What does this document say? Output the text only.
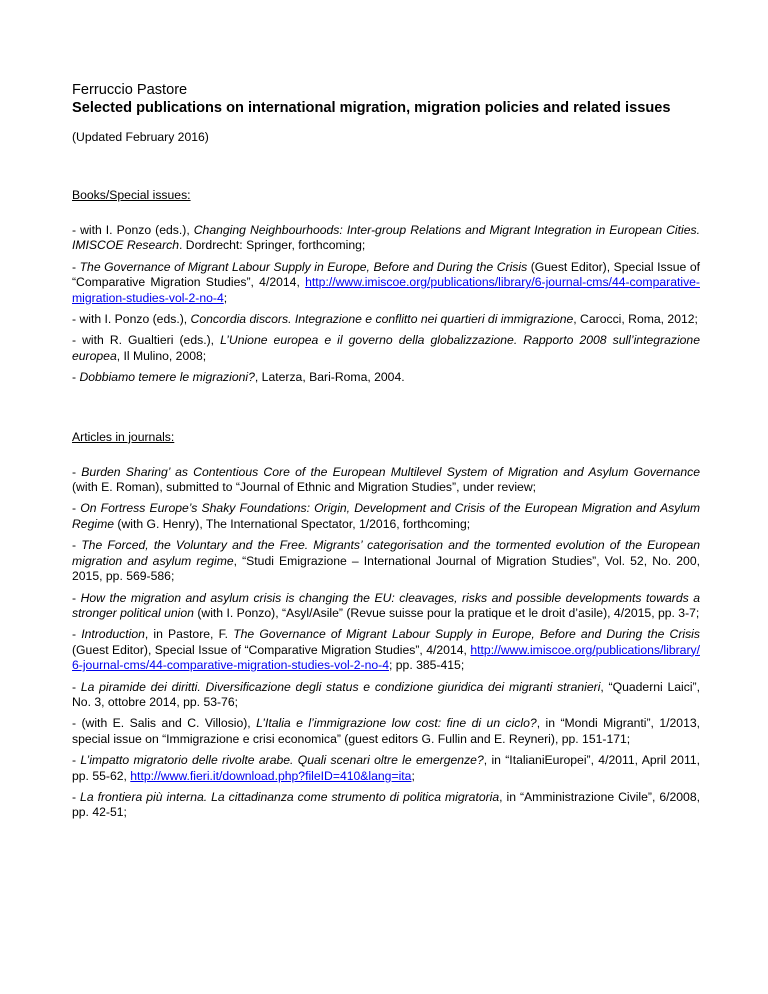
Ferruccio Pastore
Selected publications on international migration, migration policies and related issues
(Updated February 2016)
Books/Special issues:

- with I. Ponzo (eds.), Changing Neighbourhoods: Inter-group Relations and Migrant Integration in European Cities. IMISCOE Research. Dordrecht: Springer, forthcoming;

- The Governance of Migrant Labour Supply in Europe, Before and During the Crisis (Guest Editor), Special Issue of “Comparative Migration Studies”, 4/2014, http://www.imiscoe.org/publications/library/6-journal-cms/44-comparative-migration-studies-vol-2-no-4;

- with I. Ponzo (eds.), Concordia discors. Integrazione e conflitto nei quartieri di immigrazione, Carocci, Roma, 2012;

- with R. Gualtieri (eds.), L’Unione europea e il governo della globalizzazione. Rapporto 2008 sull’integrazione europea, Il Mulino, 2008;

- Dobbiamo temere le migrazioni?, Laterza, Bari-Roma, 2004.

Articles in journals:

- Burden Sharing’ as Contentious Core of the European Multilevel System of Migration and Asylum Governance (with E. Roman), submitted to “Journal of Ethnic and Migration Studies”, under review;

- On Fortress Europe’s Shaky Foundations: Origin, Development and Crisis of the European Migration and Asylum Regime (with G. Henry), The International Spectator, 1/2016, forthcoming;

- The Forced, the Voluntary and the Free. Migrants’ categorisation and the tormented evolution of the European migration and asylum regime, “Studi Emigrazione – International Journal of Migration Studies”, Vol. 52, No. 200, 2015, pp. 569-586;

- How the migration and asylum crisis is changing the EU: cleavages, risks and possible developments towards a stronger political union (with I. Ponzo), “Asyl/Asile” (Revue suisse pour la pratique et le droit d’asile), 4/2015, pp. 3-7;

- Introduction, in Pastore, F. The Governance of Migrant Labour Supply in Europe, Before and During the Crisis (Guest Editor), Special Issue of “Comparative Migration Studies”, 4/2014, http://www.imiscoe.org/publications/library/6-journal-cms/44-comparative-migration-studies-vol-2-no-4; pp. 385-415;

- La piramide dei diritti. Diversificazione degli status e condizione giuridica dei migranti stranieri, “Quaderni Laici”, No. 3, ottobre 2014, pp. 53-76;

- (with E. Salis and C. Villosio), L’Italia e l’immigrazione low cost: fine di un ciclo?, in “Mondi Migranti”, 1/2013, special issue on “Immigrazione e crisi economica” (guest editors G. Fullin and E. Reyneri), pp. 151-171;

- L’impatto migratorio delle rivolte arabe. Quali scenari oltre le emergenze?, in “ItalianiEuropei”, 4/2011, April 2011, pp. 55-62, http://www.fieri.it/download.php?fileID=410&lang=ita;

- La frontiera più interna. La cittadinanza come strumento di politica migratoria, in “Amministrazione Civile”, 6/2008, pp. 42-51;
